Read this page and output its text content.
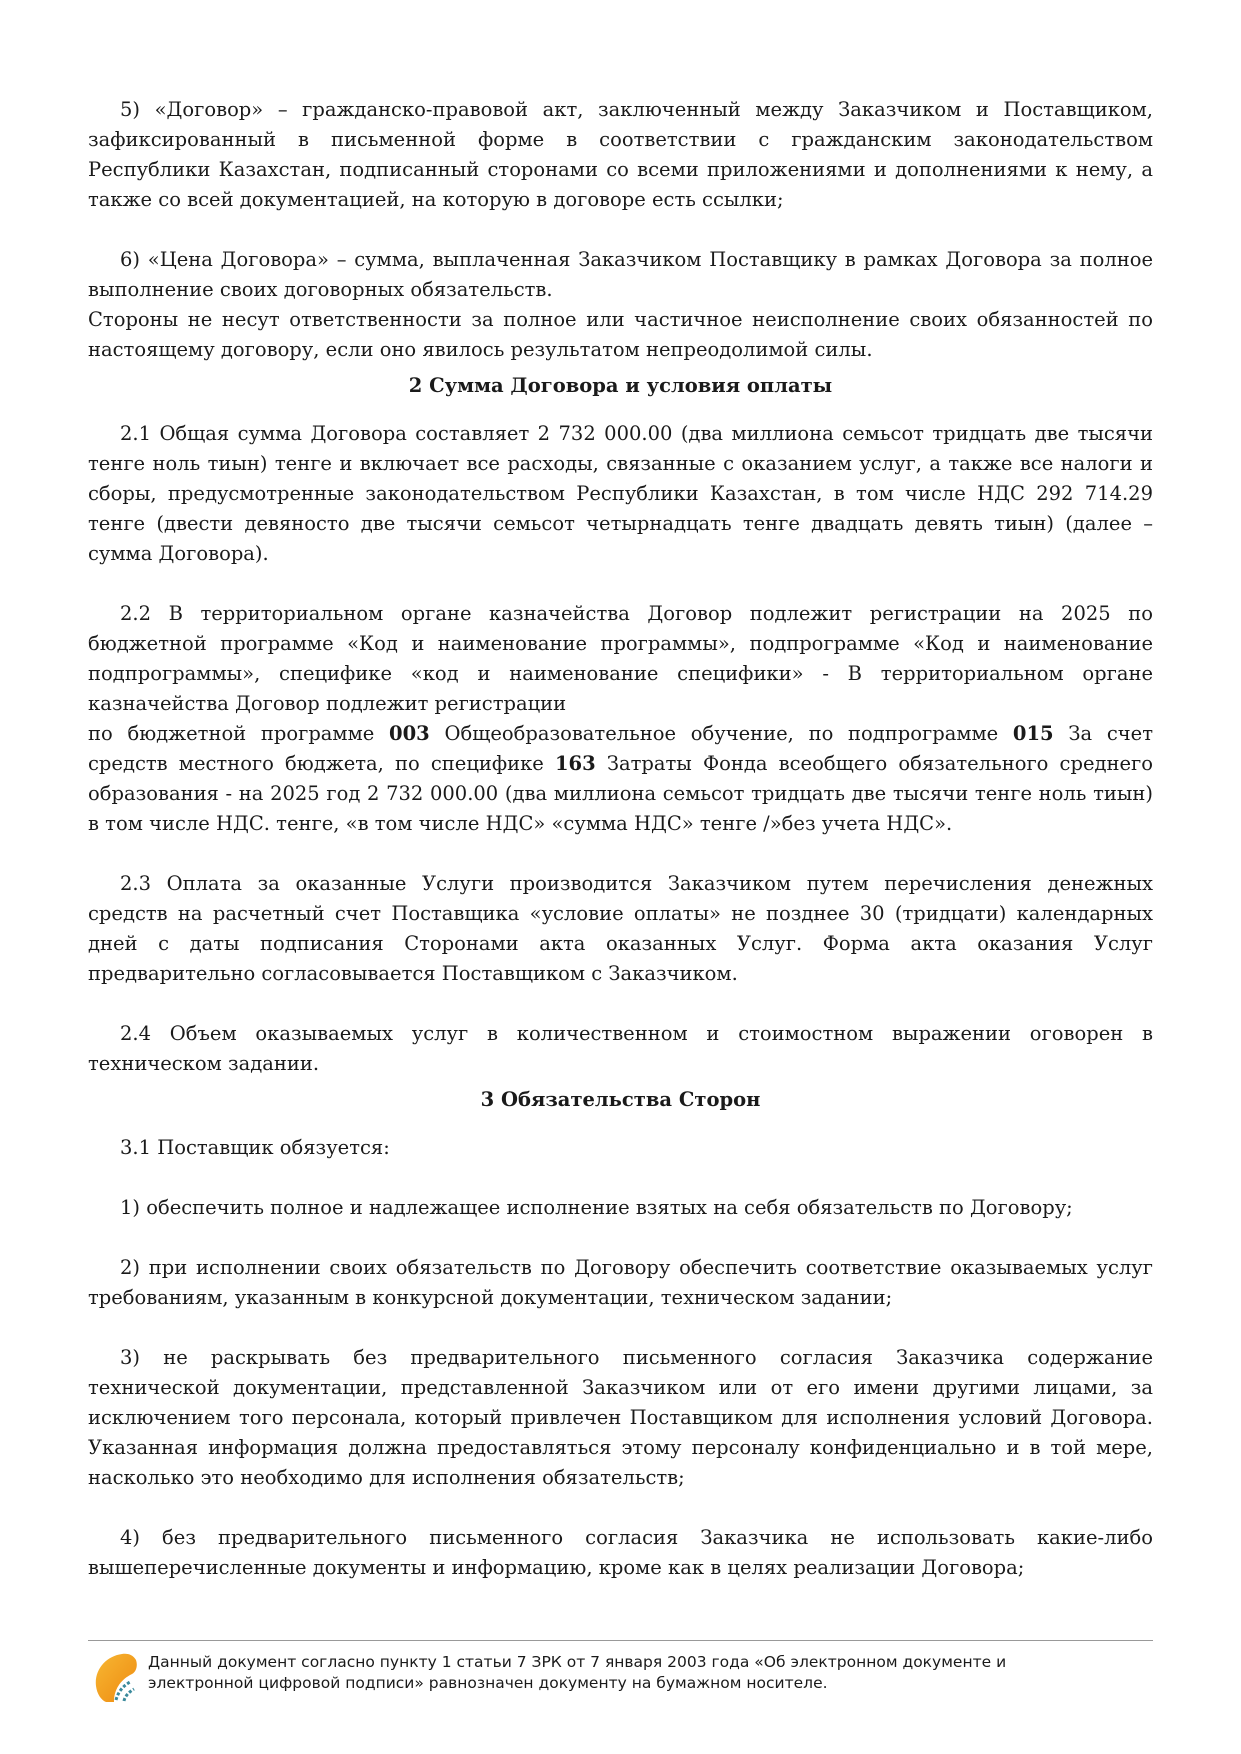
5) «Договор» – гражданско-правовой акт, заключенный между Заказчиком и Поставщиком, зафиксированный в письменной форме в соответствии с гражданским законодательством Республики Казахстан, подписанный сторонами со всеми приложениями и дополнениями к нему, а также со всей документацией, на которую в договоре есть ссылки;

6) «Цена Договора» – сумма, выплаченная Заказчиком Поставщику в рамках Договора за полное выполнение своих договорных обязательств.

Стороны не несут ответственности за полное или частичное неисполнение своих обязанностей по настоящему договору, если оно явилось результатом непреодолимой силы.

2 Сумма Договора и условия оплаты

2.1 Общая сумма Договора составляет 2 732 000.00 (два миллиона семьсот тридцать две тысячи тенге ноль тиын) тенге и включает все расходы, связанные с оказанием услуг, а также все налоги и сборы, предусмотренные законодательством Республики Казахстан, в том числе НДС 292 714.29 тенге (двести девяносто две тысячи семьсот четырнадцать тенге двадцать девять тиын) (далее – сумма Договора).

2.2 В территориальном органе казначейства Договор подлежит регистрации на 2025 по бюджетной программе «Код и наименование программы», подпрограмме «Код и наименование подпрограммы», специфике «код и наименование специфики» - В территориальном органе казначейства Договор подлежит регистрации

по бюджетной программе 003 Общеобразовательное обучение, по подпрограмме 015 За счет средств местного бюджета, по специфике 163 Затраты Фонда всеобщего обязательного среднего образования - на 2025 год 2 732 000.00 (два миллиона семьсот тридцать две тысячи тенге ноль тиын) в том числе НДС. тенге, «в том числе НДС» «сумма НДС» тенге /»без учета НДС».

2.3 Оплата за оказанные Услуги производится Заказчиком путем перечисления денежных средств на расчетный счет Поставщика «условие оплаты» не позднее 30 (тридцати) календарных дней с даты подписания Сторонами акта оказанных Услуг. Форма акта оказания Услуг предварительно согласовывается Поставщиком с Заказчиком.

2.4 Объем оказываемых услуг в количественном и стоимостном выражении оговорен в техническом задании.

3 Обязательства Сторон

3.1 Поставщик обязуется:

1) обеспечить полное и надлежащее исполнение взятых на себя обязательств по Договору;

2) при исполнении своих обязательств по Договору обеспечить соответствие оказываемых услуг требованиям, указанным в конкурсной документации, техническом задании;

3) не раскрывать без предварительного письменного согласия Заказчика содержание технической документации, представленной Заказчиком или от его имени другими лицами, за исключением того персонала, который привлечен Поставщиком для исполнения условий Договора. Указанная информация должна предоставляться этому персоналу конфиденциально и в той мере, насколько это необходимо для исполнения обязательств;

4) без предварительного письменного согласия Заказчика не использовать какие-либо вышеперечисленные документы и информацию, кроме как в целях реализации Договора;

Данный документ согласно пункту 1 статьи 7 ЗРК от 7 января 2003 года «Об электронном документе и
электронной цифровой подписи» равнозначен документу на бумажном носителе.
